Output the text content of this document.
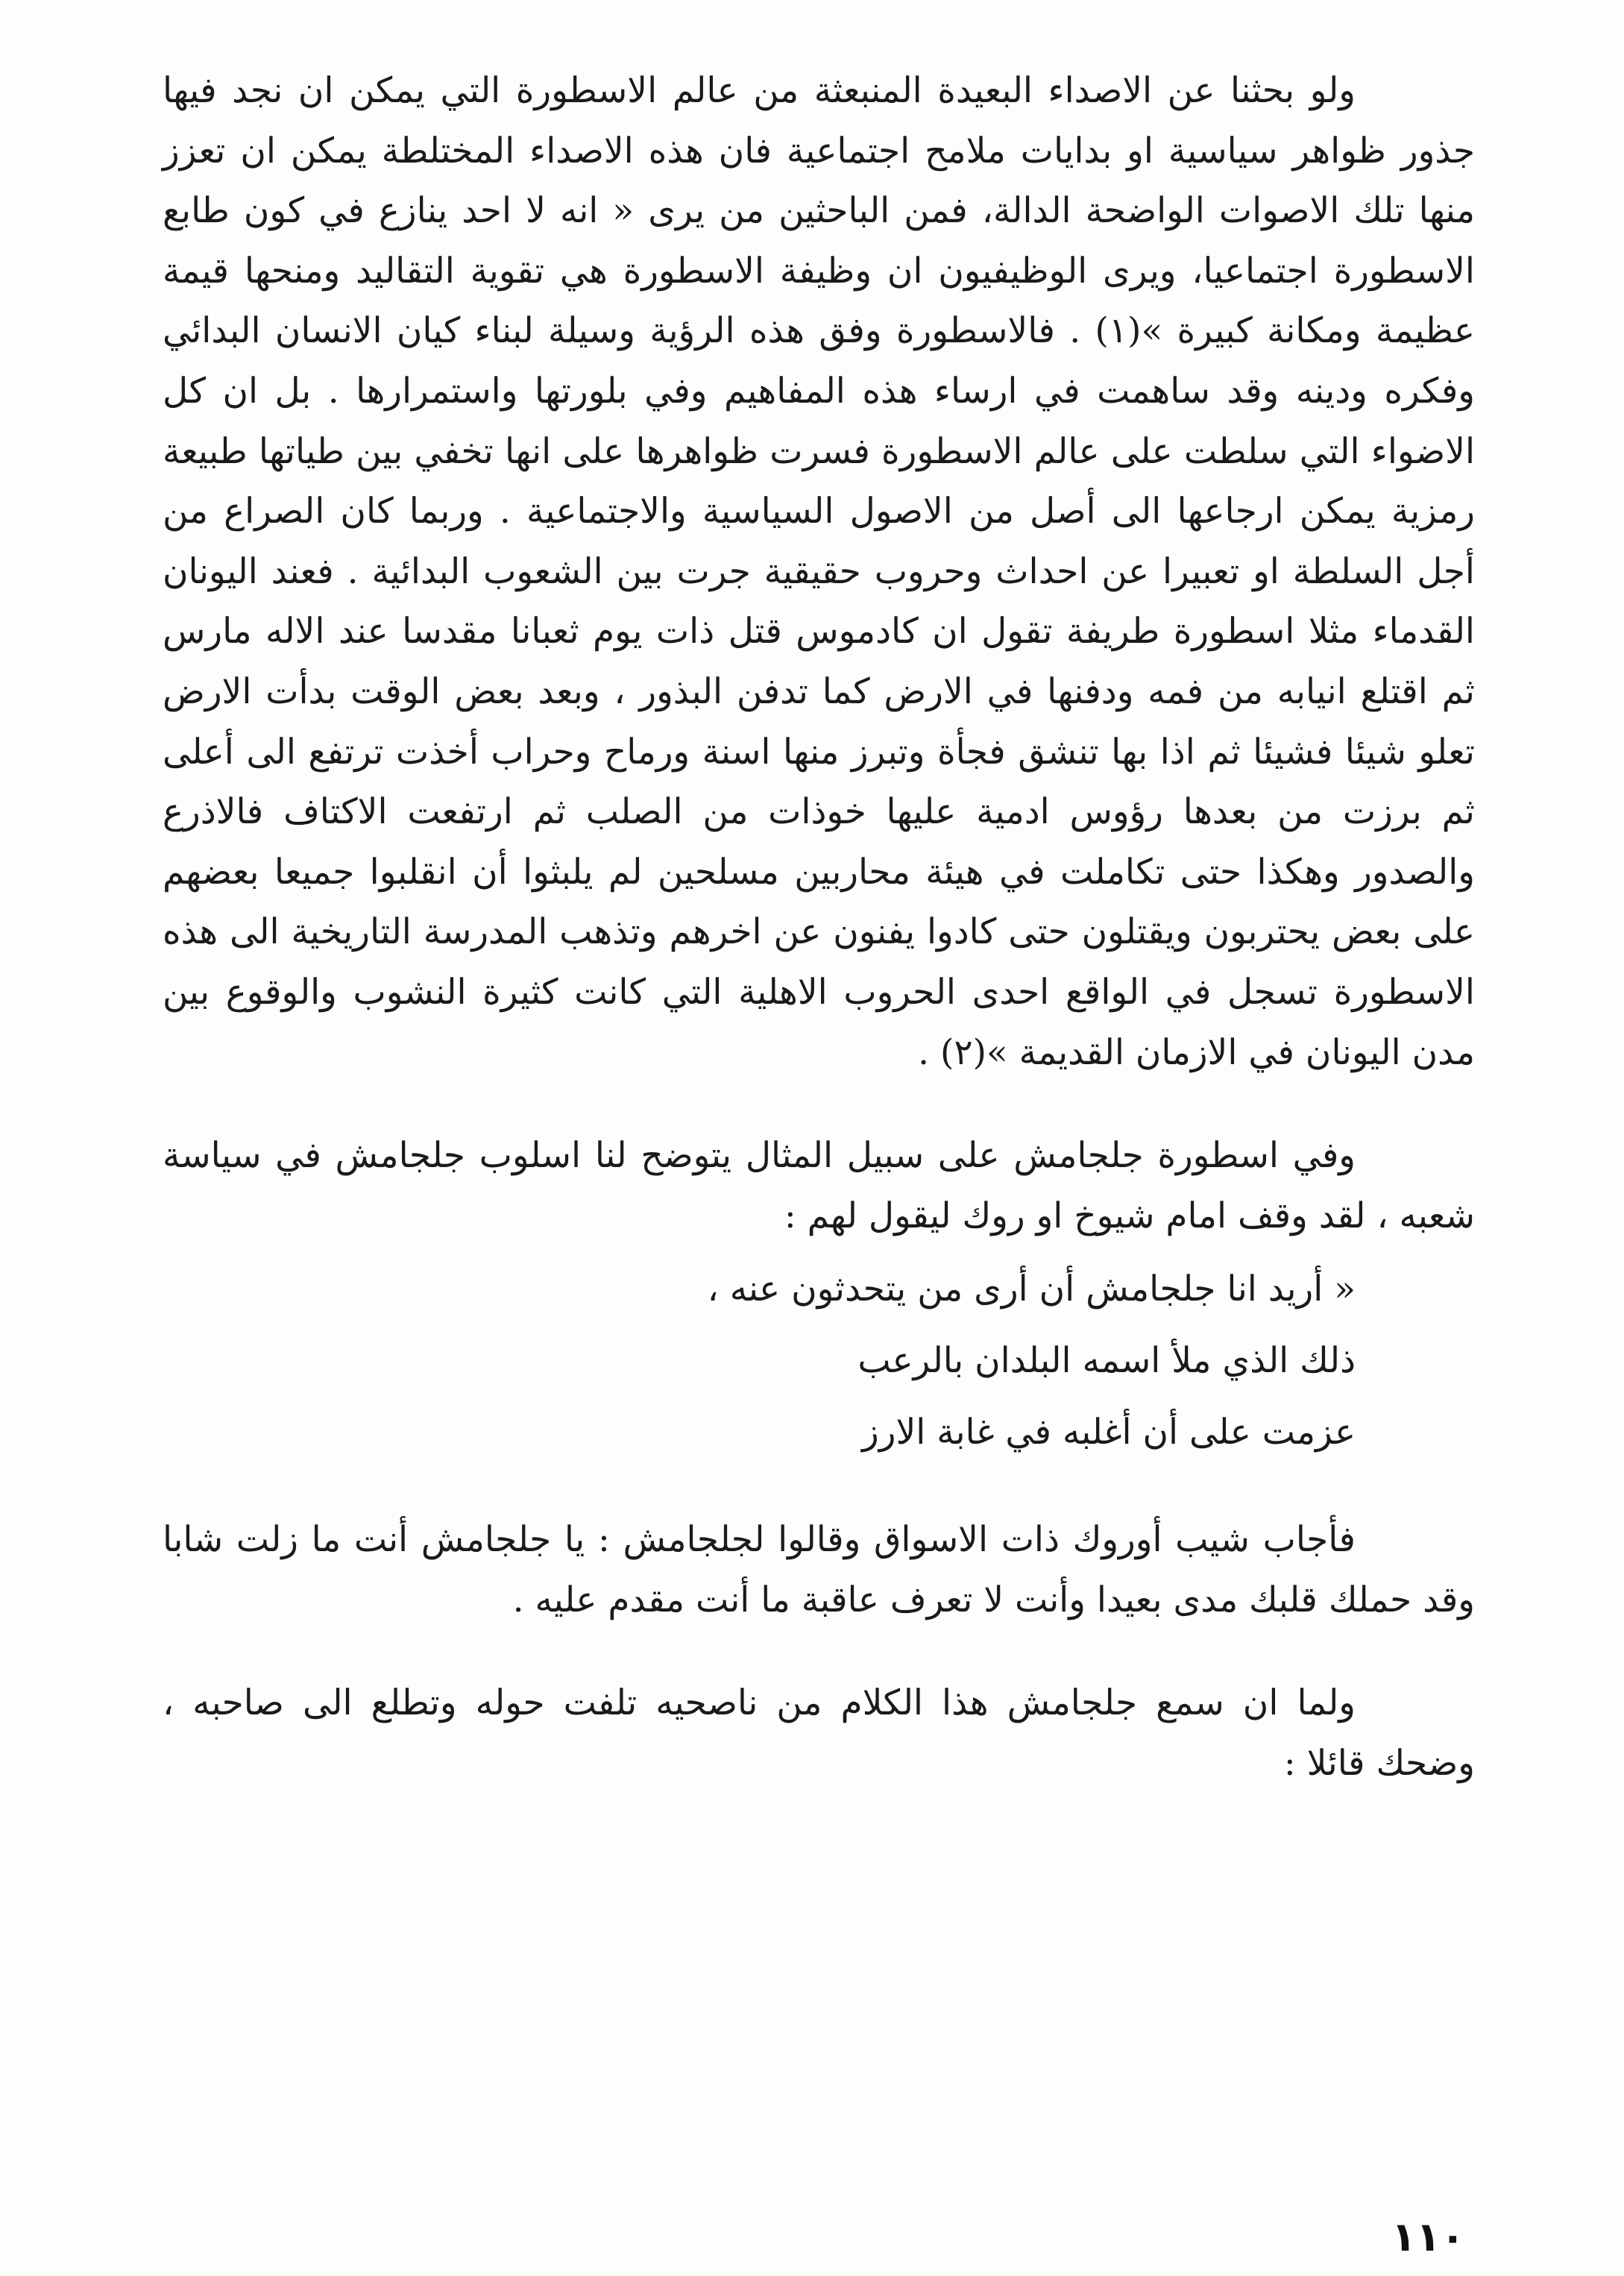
ولو بحثنا عن الاصداء البعيدة المنبعثة من عالم الاسطورة التي يمكن ان نجد فيها جذور ظواهر سياسية او بدايات ملامح اجتماعية فان هذه الاصداء المختلطة يمكن ان تعزز منها تلك الاصوات الواضحة الدالة، فمن الباحثين من يرى « انه لا احد ينازع في كون طابع الاسطورة اجتماعيا، ويرى الوظيفيون ان وظيفة الاسطورة هي تقوية التقاليد ومنحها قيمة عظيمة ومكانة كبيرة »(١) . فالاسطورة وفق هذه الرؤية وسيلة لبناء كيان الانسان البدائي وفكره ودينه وقد ساهمت في ارساء هذه المفاهيم وفي بلورتها واستمرارها . بل ان كل الاضواء التي سلطت على عالم الاسطورة فسرت ظواهرها على انها تخفي بين طياتها طبيعة رمزية يمكن ارجاعها الى أصل من الاصول السياسية والاجتماعية . وربما كان الصراع من أجل السلطة او تعبيرا عن احداث وحروب حقيقية جرت بين الشعوب البدائية . فعند اليونان القدماء مثلا اسطورة طريفة تقول ان كادموس قتل ذات يوم ثعبانا مقدسا عند الاله مارس ثم اقتلع انيابه من فمه ودفنها في الارض كما تدفن البذور ، وبعد بعض الوقت بدأت الارض تعلو شيئا فشيئا ثم اذا بها تنشق فجأة وتبرز منها اسنة ورماح وحراب أخذت ترتفع الى أعلى ثم برزت من بعدها رؤوس ادمية عليها خوذات من الصلب ثم ارتفعت الاكتاف فالاذرع والصدور وهكذا حتى تكاملت في هيئة محاربين مسلحين لم يلبثوا أن انقلبوا جميعا بعضهم على بعض يحتربون ويقتلون حتى كادوا يفنون عن اخرهم وتذهب المدرسة التاريخية الى هذه الاسطورة تسجل في الواقع احدى الحروب الاهلية التي كانت كثيرة النشوب والوقوع بين مدن اليونان في الازمان القديمة »(٢) .

وفي اسطورة جلجامش على سبيل المثال يتوضح لنا اسلوب جلجامش في سياسة شعبه ، لقد وقف امام شيوخ او روك ليقول لهم :

« أريد انا جلجامش أن أرى من يتحدثون عنه ،
ذلك الذي ملأ اسمه البلدان بالرعب
عزمت على أن أغلبه في غابة الارز

فأجاب شيب أوروك ذات الاسواق وقالوا لجلجامش : يا جلجامش أنت ما زلت شابا وقد حملك قلبك مدى بعيدا وأنت لا تعرف عاقبة ما أنت مقدم عليه .

ولما ان سمع جلجامش هذا الكلام من ناصحيه تلفت حوله وتطلع الى صاحبه ، وضحك قائلا :

١١٠
